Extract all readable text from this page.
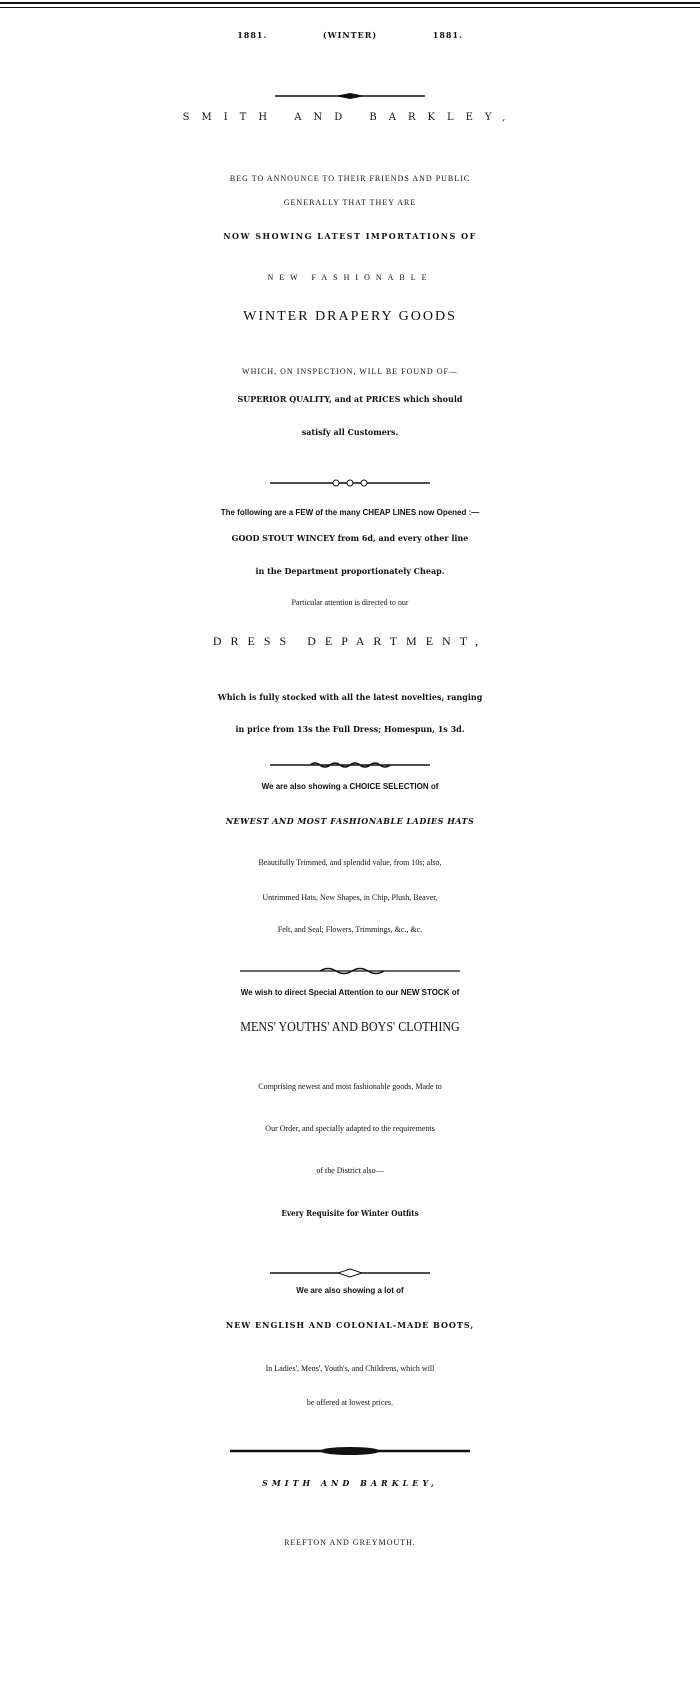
1881.	(WINTER)	1881.
SMITH AND BARKLEY,
BEG TO ANNOUNCE TO THEIR FRIENDS AND PUBLIC
GENERALLY THAT THEY ARE
NOW SHOWING LATEST IMPORTATIONS OF
NEW FASHIONABLE
WINTER DRAPERY GOODS
WHICH, ON INSPECTION, WILL BE FOUND OF—
SUPERIOR QUALITY, and at PRICES which should
satisfy all Customers.
The following are a FEW of the many CHEAP LINES now Opened :—
GOOD STOUT WINCEY from 6d, and every other line
in the Department proportionately Cheap.
Particular attention is directed to our
DRESS DEPARTMENT,
Which is fully stocked with all the latest novelties, ranging
in price from 13s the Full Dress; Homespun, 1s 3d.
We are also showing a CHOICE SELECTION of
NEWEST AND MOST FASHIONABLE LADIES HATS
Beautifully Trimmed, and splendid value, from 10s; also,
Untrimmed Hats, New Shapes, in Chip, Plush, Beaver,
Felt, and Seal; Flowers, Trimmings, &c., &c.
We wish to direct Special Attention to our NEW STOCK of
MENS' YOUTHS' AND BOYS' CLOTHING
Comprising newest and most fashionable goods, Made to
Our Order, and specially adapted to the requirements
of the District also—
Every Requisite for Winter Outfits
We are also showing a lot of
NEW ENGLISH AND COLONIAL-MADE BOOTS,
In Ladies', Mens', Youth's, and Childrens, which will
be offered at lowest prices.
SMITH AND BARKLEY,
REEFTON AND GREYMOUTH.
